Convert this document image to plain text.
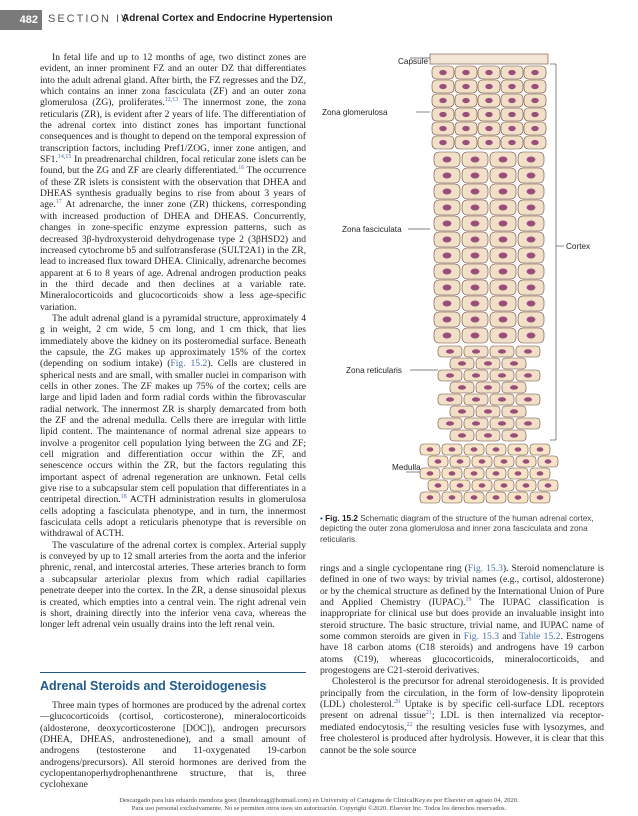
482 SECTION IV
Adrenal Cortex and Endocrine Hypertension

In fetal life and up to 12 months of age, two distinct zones are evident, an inner prominent FZ and an outer DZ that differentiates into the adult adrenal gland. After birth, the FZ regresses and the DZ, which contains an inner zona fasciculata (ZF) and an outer zona glomerulosa (ZG), proliferates.$^{12,13}$ The innermost zone, the zona reticularis (ZR), is evident after 2 years of life. The differentiation of the adrenal cortex into distinct zones has important functional consequences and is thought to depend on the temporal expression of transcription factors, including Pref1/ZOG, inner zone antigen, and SF1.$^{14,15}$ In preadrenarchal children, focal reticular zone islets can be found, but the ZG and ZF are clearly differentiated.$^{16}$ The occurrence of these ZR islets is consistent with the observation that DHEA and DHEAS synthesis gradually begins to rise from about 3 years of age.$^{17}$ At adrenarche, the inner zone (ZR) thickens, corresponding with increased production of DHEA and DHEAS. Concurrently, changes in zone-specific enzyme expression patterns, such as decreased 3β-hydroxysteroid dehydrogenase type 2 (3βHSD2) and increased cytochrome b5 and sulfotransferase (SULT2A1) in the ZR, lead to increased flux toward DHEA. Clinically, adrenarche becomes apparent at 6 to 8 years of age. Adrenal androgen production peaks in the third decade and then declines at a variable rate. Mineralocorticoids and glucocorticoids show a less age-specific variation.

The adult adrenal gland is a pyramidal structure, approximately 4 g in weight, 2 cm wide, 5 cm long, and 1 cm thick, that lies immediately above the kidney on its posteromedial surface. Beneath the capsule, the ZG makes up approximately 15% of the cortex (depending on sodium intake) (Fig. 15.2). Cells are clustered in spherical nests and are small, with smaller nuclei in comparison with cells in other zones. The ZF makes up 75% of the cortex; cells are large and lipid laden and form radial cords within the fibrovascular radial network. The innermost ZR is sharply demarcated from both the ZF and the adrenal medulla. Cells there are irregular with little lipid content. The maintenance of normal adrenal size appears to involve a progenitor cell population lying between the ZG and ZF; cell migration and differentiation occur within the ZF, and senescence occurs within the ZR, but the factors regulating this important aspect of adrenal regeneration are unknown. Fetal cells give rise to a subcapsular stem cell population that differentiates in a centripetal direction.$^{18}$ ACTH administration results in glomerulosa cells adopting a fasciculata phenotype, and in turn, the innermost fasciculata cells adopt a reticularis phenotype that is reversible on withdrawal of ACTH.

The vasculature of the adrenal cortex is complex. Arterial supply is conveyed by up to 12 small arteries from the aorta and the inferior phrenic, renal, and intercostal arteries. These arteries branch to form a subcapsular arteriolar plexus from which radial capillaries penetrate deeper into the cortex. In the ZR, a dense sinusoidal plexus is created, which empties into a central vein. The right adrenal vein is short, draining directly into the inferior vena cava, whereas the longer left adrenal vein usually drains into the left renal vein.

Adrenal Steroids and Steroidogenesis

Three main types of hormones are produced by the adrenal cortex—glucocorticoids (cortisol, corticosterone), mineralocorticoids (aldosterone, deoxycorticosterone [DOC]), androgen precursors (DHEA, DHEAS, androstenedione), and a small amount of androgens (testosterone and 11-oxygenated 19-carbon androgens/precursors). All steroid hormones are derived from the cyclopentanoperhydrophenanthrene structure, that is, three cyclohexane

Capsule
Zona glomerulosa
Zona fasciculata
Cortex
Zona reticularis
Medulla
• Fig. 15.2 Schematic diagram of the structure of the human adrenal cortex, depicting the outer zona glomerulosa and inner zona fasciculata and zona reticularis.

rings and a single cyclopentane ring (Fig. 15.3). Steroid nomenclature is defined in one of two ways: by trivial names (e.g., cortisol, aldosterone) or by the chemical structure as defined by the International Union of Pure and Applied Chemistry (IUPAC).$^{19}$ The IUPAC classification is inappropriate for clinical use but does provide an invaluable insight into steroid structure. The basic structure, trivial name, and IUPAC name of some common steroids are given in Fig. 15.3 and Table 15.2. Estrogens have 18 carbon atoms (C18 steroids) and androgens have 19 carbon atoms (C19), whereas glucocorticoids, mineralocorticoids, and progestogens are C21-steroid derivatives.

Cholesterol is the precursor for adrenal steroidogenesis. It is provided principally from the circulation, in the form of low-density lipoprotein (LDL) cholesterol.$^{20}$ Uptake is by specific cell-surface LDL receptors present on adrenal tissue$^{21}$; LDL is then internalized via receptor-mediated endocytosis,$^{22}$ the resulting vesicles fuse with lysozymes, and free cholesterol is produced after hydrolysis. However, it is clear that this cannot be the sole source

Descargado para luis eduardo mendoza goez (lmendozag@hotmail.com) en University of Cartagena de ClinicalKey.es por Elsevier en agosto 04, 2020.
Para uso personal exclusivamente. No se permiten otros usos sin autorización. Copyright ©2020. Elsevier Inc. Todos los derechos reservados.
